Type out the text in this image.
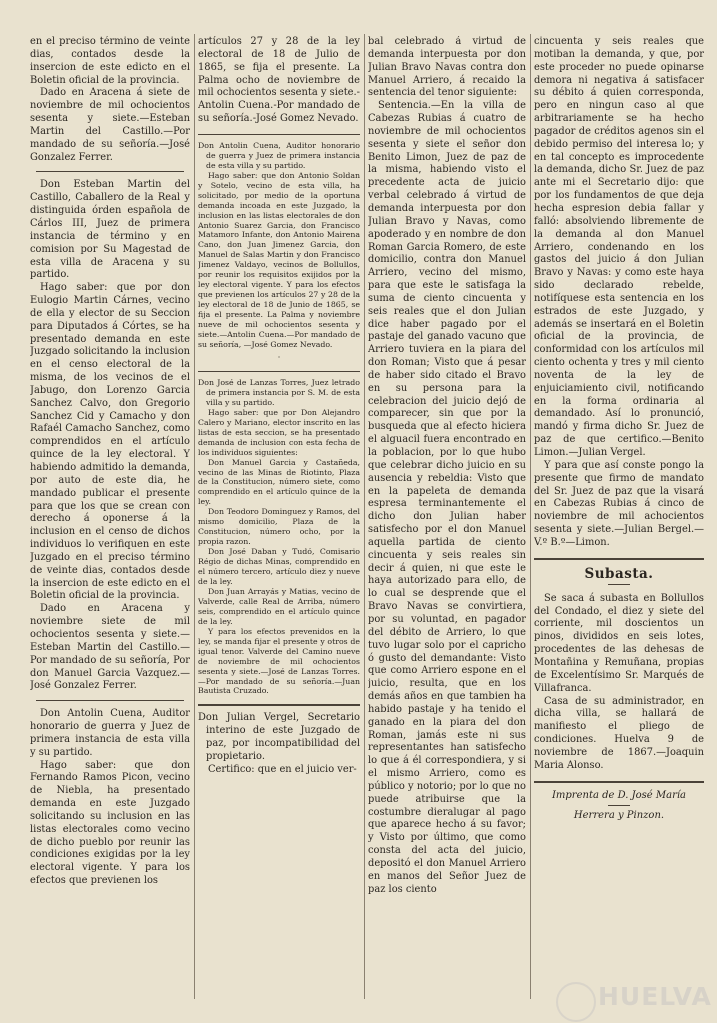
en el preciso término de veinte dias, contados desde la insercion de este edicto en el Boletin oficial de la provincia.

Dado en Aracena á siete de noviembre de mil ochocientos sesenta y siete.—Esteban Martin del Castillo.—Por mandado de su señoría.—José Gonzalez Ferrer.

Don Esteban Martin del Castillo, Caballero de la Real y distinguida órden española de Cárlos III, Juez de primera instancia de término y en comision por Su Magestad de esta villa de Aracena y su partido.

Hago saber: que por don Eulogio Martin Cárnes, vecino de ella y elector de su Seccion para Diputados á Córtes, se ha presentado demanda en este Juzgado solicitando la inclusion en el censo electoral de la misma, de los vecinos de el Jabugo, don Lorenzo Garcia Sanchez Calvo, don Gregorio Sanchez Cid y Camacho y don Rafaél Camacho Sanchez, como comprendidos en el artículo quince de la ley electoral. Y habiendo admitido la demanda, por auto de este dia, he mandado publicar el presente para que los que se crean con derecho á oponerse á la inclusion en el censo de dichos individuos lo verifiquen en este Juzgado en el preciso término de veinte dias, contados desde la insercion de este edicto en el Boletin oficial de la provincia.

Dado en Aracena y noviembre siete de mil ochocientos sesenta y siete.—Esteban Martin del Castillo.—Por mandado de su señoría, Por don Manuel Garcia Vazquez.—José Gonzalez Ferrer.

Don Antolin Cuena, Auditor honorario de guerra y Juez de primera instancia de esta villa y su partido.

Hago saber: que don Fernando Ramos Picon, vecino de Niebla, ha presentado demanda en este Juzgado solicitando su inclusion en las listas electorales como vecino de dicho pueblo por reunir las condiciones exigidas por la ley electoral vigente. Y para los efectos que previenen los

artículos 27 y 28 de la ley electoral de 18 de Julio de 1865, se fija el presente. La Palma ocho de noviembre de mil ochocientos sesenta y siete.-Antolin Cuena.-Por mandado de su señoría.-José Gomez Nevado.

Don Antolin Cuena, Auditor honorario de guerra y Juez de primera instancia de esta villa y su partido.

Hago saber: que don Antonio Soldan y Sotelo, vecino de esta villa, ha solicitado, por medio de la oportuna demanda incoada en este Juzgado, la inclusion en las listas electorales de don Antonio Suarez Garcia, don Francisco Matamoro Infante, don Antonio Mairena Cano, don Juan Jimenez Garcia, don Manuel de Salas Martin y don Francisco Jimenez Valdayo, vecinos de Bollullos, por reunir los requisitos exijidos por la ley electoral vigente. Y para los efectos que previenen los artículos 27 y 28 de la ley electoral de 18 de Junio de 1865, se fija el presente. La Palma y noviembre nueve de mil ochocientos sesenta y siete.—Antolin Cuena.—Por mandado de su señoría, —José Gomez Nevado.

·

Don José de Lanzas Torres, Juez letrado de primera instancia por S. M. de esta villa y su partido.

Hago saber: que por Don Alejandro Calero y Mariano, elector inscrito en las listas de esta seccion, se ha presentado demanda de inclusion con esta fecha de los individuos siguientes:

Don Manuel Garcia y Castañeda, vecino de las Minas de Riotinto, Plaza de la Constitucion, número siete, como comprendido en el artículo quince de la ley.

Don Teodoro Dominguez y Ramos, del mismo domicilio, Plaza de la Constitucion, número ocho, por la propia razon.

Don José Daban y Tudó, Comisario Régio de dichas Minas, comprendido en el número tercero, artículo diez y nueve de la ley.

Don Juan Arrayás y Matias, vecino de Valverde, calle Real de Arriba, número seis, comprendido en el artículo quince de la ley.

Y para los efectos prevenidos en la ley, se manda fijar el presente y otros de igual tenor. Valverde del Camino nueve de noviembre de mil ochocientos sesenta y siete.—José de Lanzas Torres.—Por mandado de su señoría.—Juan Bautista Cruzado.

Don Julian Vergel, Secretario interino de este Juzgado de paz, por incompatibilidad del propietario.

Certifico: que en el juicio ver-

bal celebrado á virtud de demanda interpuesta por don Julian Bravo Navas contra don Manuel Arriero, á recaido la sentencia del tenor siguiente:

Sentencia.—En la villa de Cabezas Rubias á cuatro de noviembre de mil ochocientos sesenta y siete el señor don Benito Limon, Juez de paz de la misma, habiendo visto el precedente acta de juicio verbal celebrado á virtud de demanda interpuesta por don Julian Bravo y Navas, como apoderado y en nombre de don Roman Garcia Romero, de este domicilio, contra don Manuel Arriero, vecino del mismo, para que este le satisfaga la suma de ciento cincuenta y seis reales que el don Julian dice haber pagado por el pastaje del ganado vacuno que Arriero tuviera en la piara del don Roman; Visto que á pesar de haber sido citado el Bravo en su persona para la celebracion del juicio dejó de comparecer, sin que por la busqueda que al efecto hiciera el alguacil fuera encontrado en la poblacion, por lo que hubo que celebrar dicho juicio en su ausencia y rebeldia: Visto que en la papeleta de demanda espresa terminantemente el dicho don Julian haber satisfecho por el don Manuel aquella partida de ciento cincuenta y seis reales sin decir á quien, ni que este le haya autorizado para ello, de lo cual se desprende que el Bravo Navas se convirtiera, por su voluntad, en pagador del débito de Arriero, lo que tuvo lugar solo por el capricho ó gusto del demandante: Visto que como Arriero espone en el juicio, resulta, que en los demás años en que tambien ha habido pastaje y ha tenido el ganado en la piara del don Roman, jamás este ni sus representantes han satisfecho lo que á él correspondiera, y si el mismo Arriero, como es público y notorio; por lo que no puede atribuirse que la costumbre dieralugar al pago que aparece hecho á su favor; y Visto por último, que como consta del acta del juicio, depositó el don Manuel Arriero en manos del Señor Juez de paz los ciento

cincuenta y seis reales que motiban la demanda, y que, por este proceder no puede opinarse demora ni negativa á satisfacer su débito á quien corresponda, pero en ningun caso al que arbitrariamente se ha hecho pagador de créditos agenos sin el debido permiso del interesa lo; y en tal concepto es improcedente la demanda, dicho Sr. Juez de paz ante mi el Secretario dijo: que por los fundamentos de que deja hecha espresion debia fallar y falló: absolviendo libremente de la demanda al don Manuel Arriero, condenando en los gastos del juicio á don Julian Bravo y Navas: y como este haya sido declarado rebelde, notifíquese esta sentencia en los estrados de este Juzgado, y además se insertará en el Boletin oficial de la provincia, de conformidad con los artículos mil ciento ochenta y tres y mil ciento noventa de la ley de enjuiciamiento civil, notificando en la forma ordinaria al demandado. Así lo pronunció, mandó y firma dicho Sr. Juez de paz de que certifico.—Benito Limon.—Julian Vergel.

Y para que así conste pongo la presente que firmo de mandato del Sr. Juez de paz que la visará en Cabezas Rubias á cinco de noviembre de mil achocientos sesenta y siete.—Julian Bergel.—V.º B.º—Limon.

Subasta.

Se saca á subasta en Bollullos del Condado, el diez y siete del corriente, mil doscientos un pinos, divididos en seis lotes, procedentes de las dehesas de Montañina y Remuñana, propias de Excelentísimo Sr. Marqués de Villafranca.

Casa de su administrador, en dicha villa, se hallará de manifiesto el pliego de condiciones. Huelva 9 de noviembre de 1867.—Joaquin Maria Alonso.

Imprenta de D. José María
Herrera y Pinzon.
HUELVA
